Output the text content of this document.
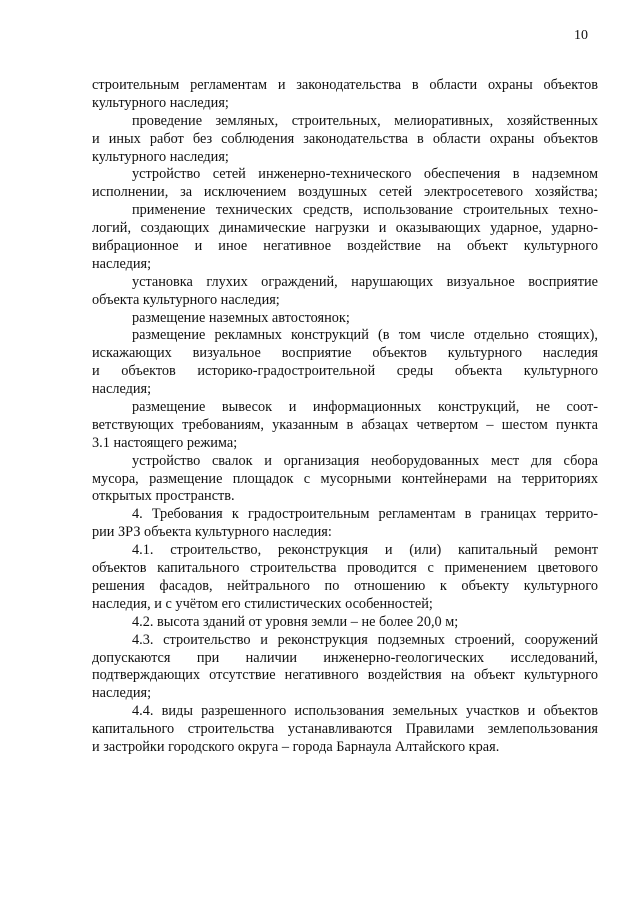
10
строительным регламентам и законодательства в области охраны объектов
культурного наследия;
проведение земляных, строительных, мелиоративных, хозяйственных
и иных работ без соблюдения законодательства в области охраны объектов
культурного наследия;
устройство сетей инженерно-технического обеспечения в надземном
исполнении, за исключением воздушных сетей электросетевого хозяйства;
применение технических средств, использование строительных техно-
логий, создающих динамические нагрузки и оказывающих ударное, ударно-
вибрационное и иное негативное воздействие на объект культурного
наследия;
установка глухих ограждений, нарушающих визуальное восприятие
объекта культурного наследия;
размещение наземных автостоянок;
размещение рекламных конструкций (в том числе отдельно стоящих),
искажающих визуальное восприятие объектов культурного наследия
и объектов историко-градостроительной среды объекта культурного
наследия;
размещение вывесок и информационных конструкций, не соот-
ветствующих требованиям, указанным в абзацах четвертом – шестом пункта
3.1 настоящего режима;
устройство свалок и организация необорудованных мест для сбора
мусора, размещение площадок с мусорными контейнерами на территориях
открытых пространств.
4. Требования к градостроительным регламентам в границах террито-
рии ЗРЗ объекта культурного наследия:
4.1. строительство, реконструкция и (или) капитальный ремонт
объектов капитального строительства проводится с применением цветового
решения фасадов, нейтрального по отношению к объекту культурного
наследия, и с учётом его стилистических особенностей;
4.2. высота зданий от уровня земли – не более 20,0 м;
4.3. строительство и реконструкция подземных строений, сооружений
допускаются при наличии инженерно-геологических исследований,
подтверждающих отсутствие негативного воздействия на объект культурного
наследия;
4.4. виды разрешенного использования земельных участков и объектов
капитального строительства устанавливаются Правилами землепользования
и застройки городского округа – города Барнаула Алтайского края.
